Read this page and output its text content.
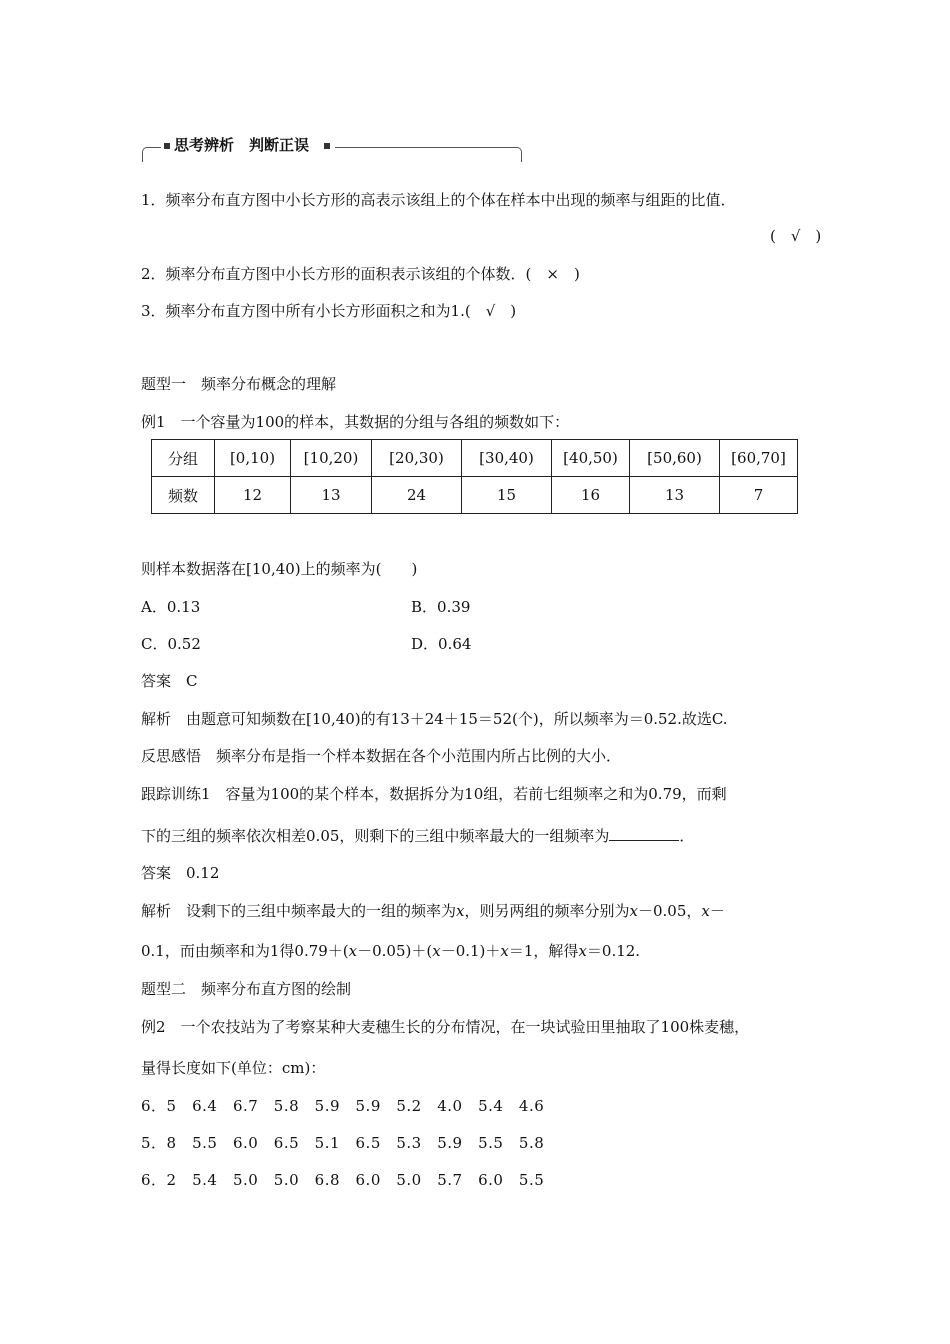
思考辨析　判断正误
1．频率分布直方图中小长方形的高表示该组上的个体在样本中出现的频率与组距的比值．
(　√　)
2．频率分布直方图中小长方形的面积表示该组的个体数．(　×　)
3．频率分布直方图中所有小长方形面积之和为1.(　√　)
题型一　频率分布概念的理解
例1　一个容量为100的样本，其数据的分组与各组的频数如下：
分组	[0,10)	[10,20)	[20,30)	[30,40)	[40,50)	[50,60)	[60,70]
频数	12	13	24	15	16	13	7
则样本数据落在[10,40)上的频率为(　　)
A．0.13	B．0.39
C．0.52	D．0.64
答案　C
解析　由题意可知频数在[10,40)的有13＋24＋15＝52(个)，所以频率为＝0.52.故选C.
反思感悟　频率分布是指一个样本数据在各个小范围内所占比例的大小．
跟踪训练1　容量为100的某个样本，数据拆分为10组，若前七组频率之和为0.79，而剩
下的三组的频率依次相差0.05，则剩下的三组中频率最大的一组频率为	．
答案　0.12
解析　设剩下的三组中频率最大的一组的频率为x，则另两组的频率分别为x－0.05，x－
0.1，而由频率和为1得0.79＋(x－0.05)＋(x－0.1)＋x＝1，解得x＝0.12.
题型二　频率分布直方图的绘制
例2　一个农技站为了考察某种大麦穗生长的分布情况，在一块试验田里抽取了100株麦穗，
量得长度如下(单位：cm)：
6．5　6.4　6.7　5.8　5.9　5.9　5.2　4.0　5.4　4.6
5．8　5.5　6.0　6.5　5.1　6.5　5.3　5.9　5.5　5.8
6．2　5.4　5.0　5.0　6.8　6.0　5.0　5.7　6.0　5.5
